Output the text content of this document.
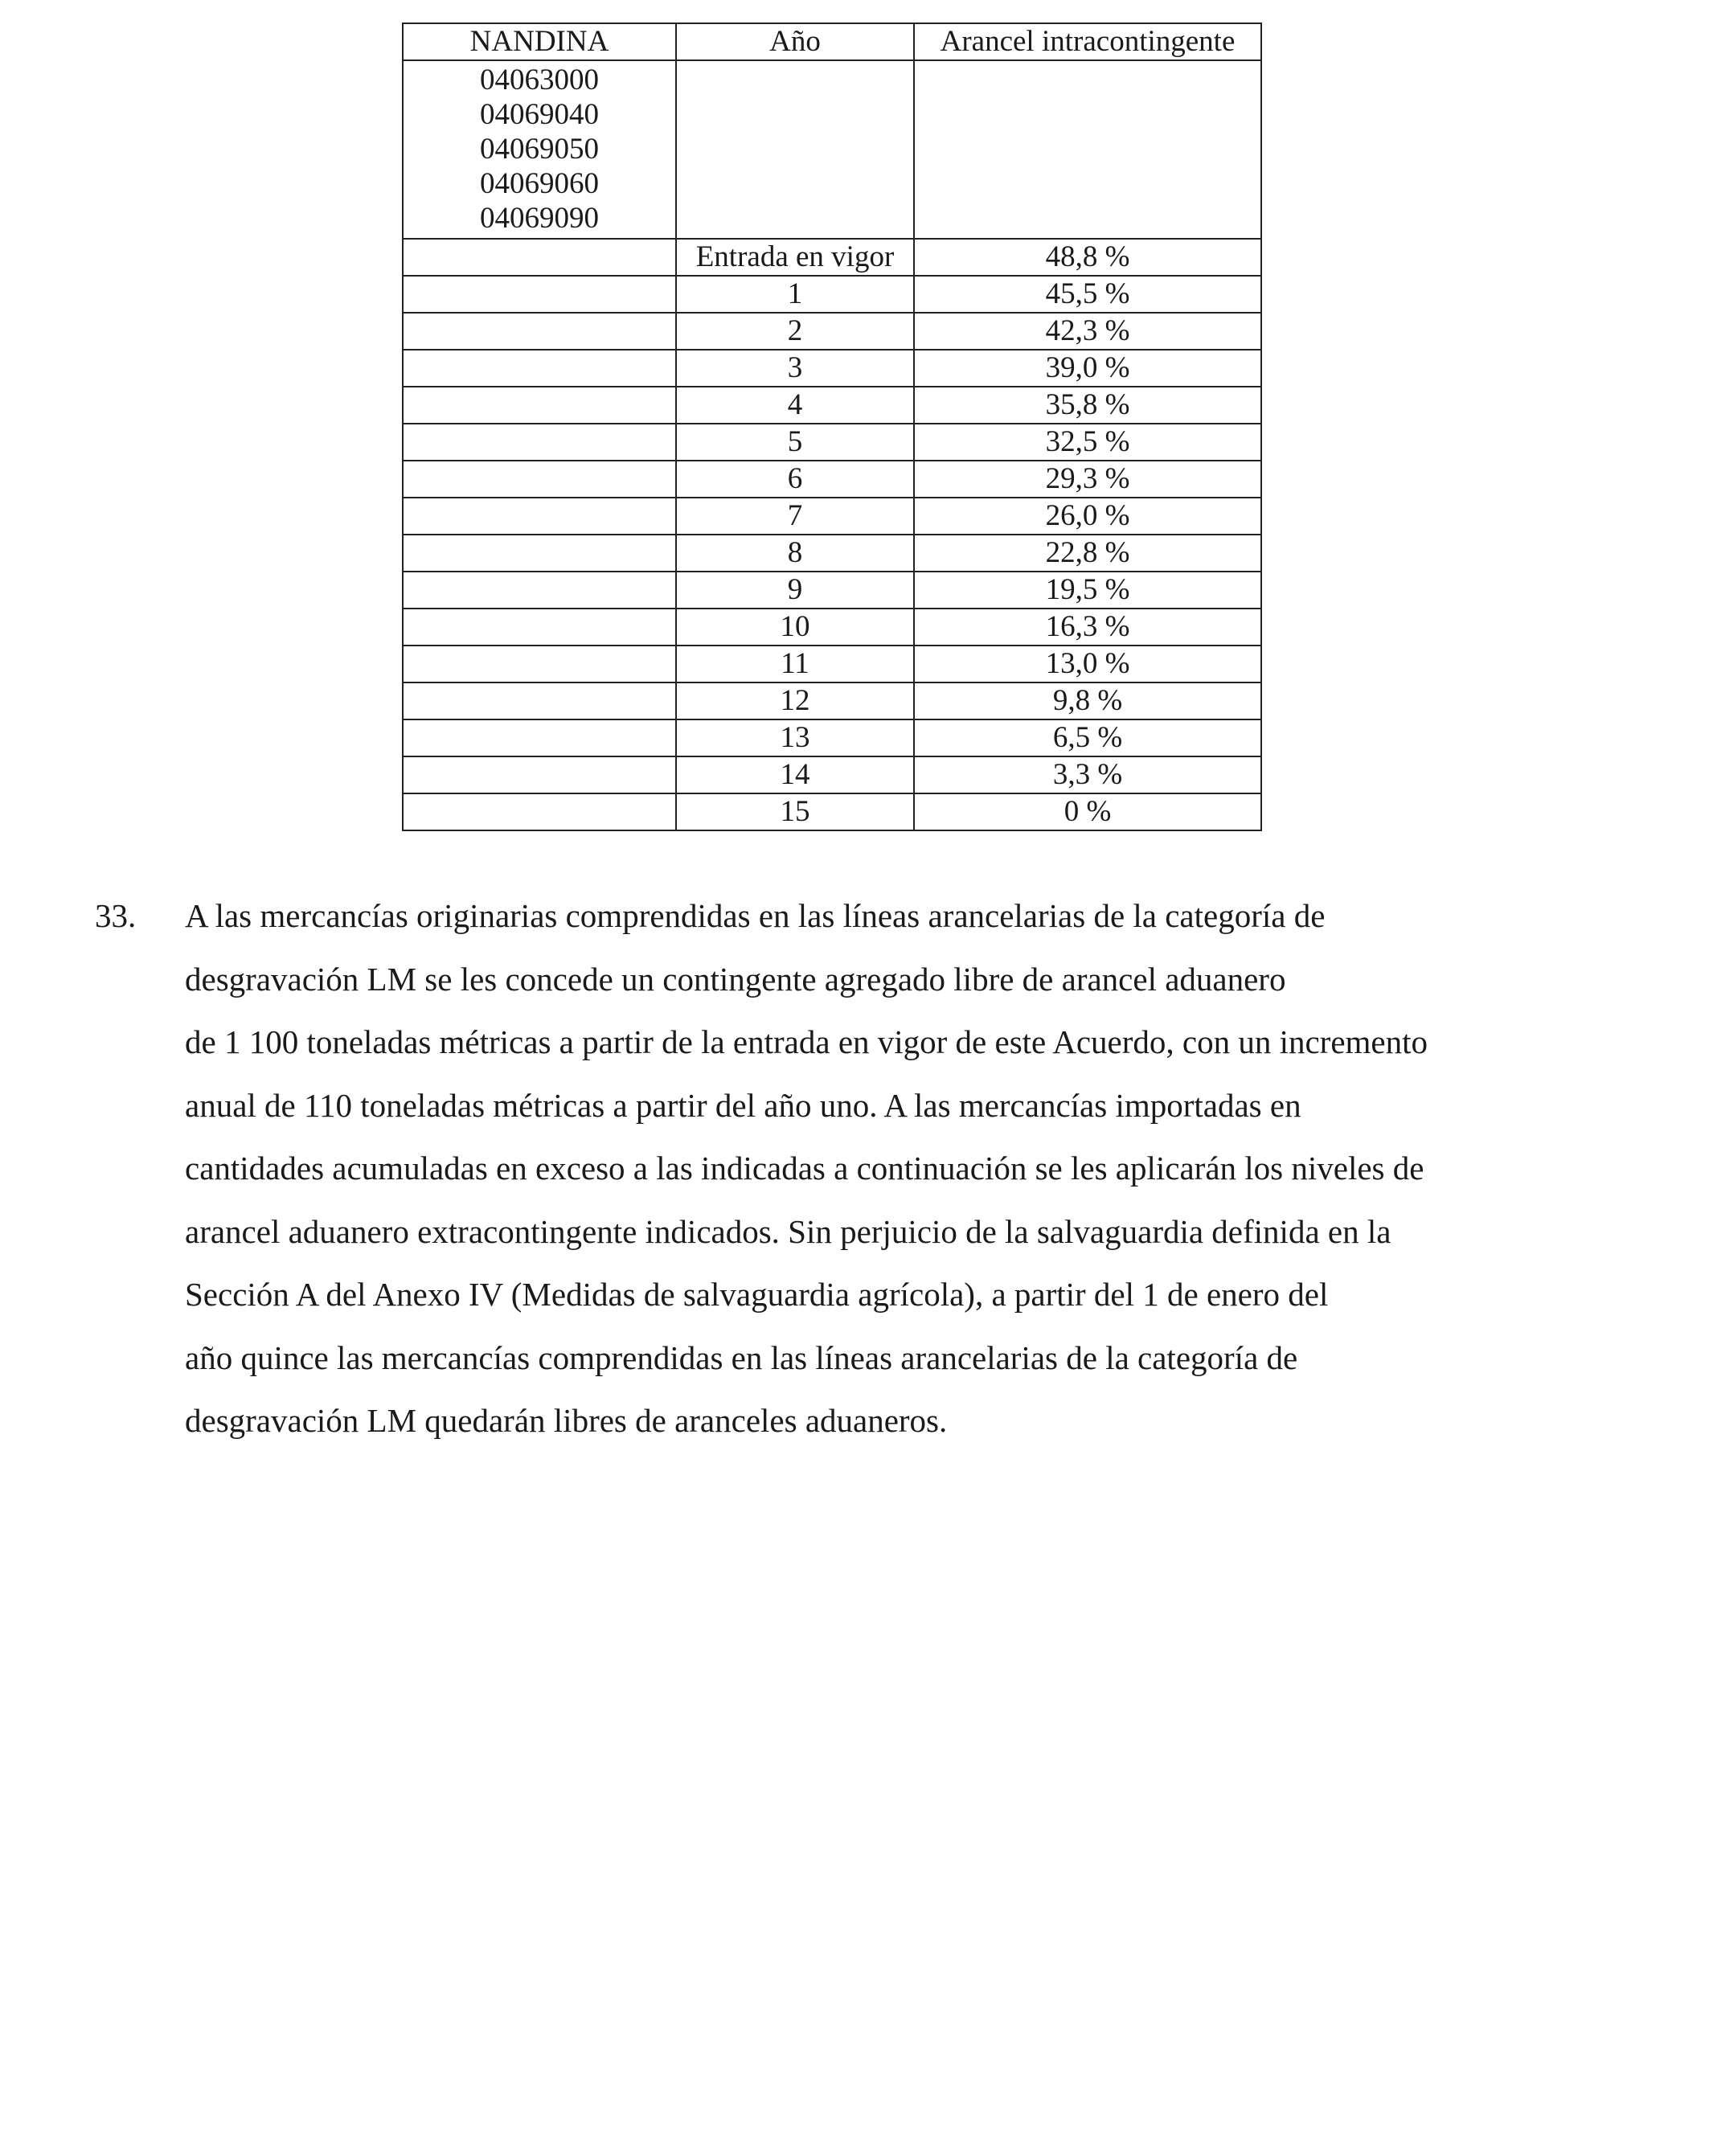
NANDINA	Año	Arancel intracontingente

04063000
04069040
04069050
04069060
04069090		

	Entrada en vigor	48,8 %
	1	45,5 %
	2	42,3 %
	3	39,0 %
	4	35,8 %
	5	32,5 %
	6	29,3 %
	7	26,0 %
	8	22,8 %
	9	19,5 %
	10	16,3 %
	11	13,0 %
	12	9,8 %
	13	6,5 %
	14	3,3 %
	15	0 %
33. A las mercancías originarias comprendidas en las líneas arancelarias de la categoría de
desgravación LM se les concede un contingente agregado libre de arancel aduanero
de 1 100 toneladas métricas a partir de la entrada en vigor de este Acuerdo, con un incremento
anual de 110 toneladas métricas a partir del año uno. A las mercancías importadas en
cantidades acumuladas en exceso a las indicadas a continuación se les aplicarán los niveles de
arancel aduanero extracontingente indicados. Sin perjuicio de la salvaguardia definida en la
Sección A del Anexo IV (Medidas de salvaguardia agrícola), a partir del 1 de enero del
año quince las mercancías comprendidas en las líneas arancelarias de la categoría de
desgravación LM quedarán libres de aranceles aduaneros.
